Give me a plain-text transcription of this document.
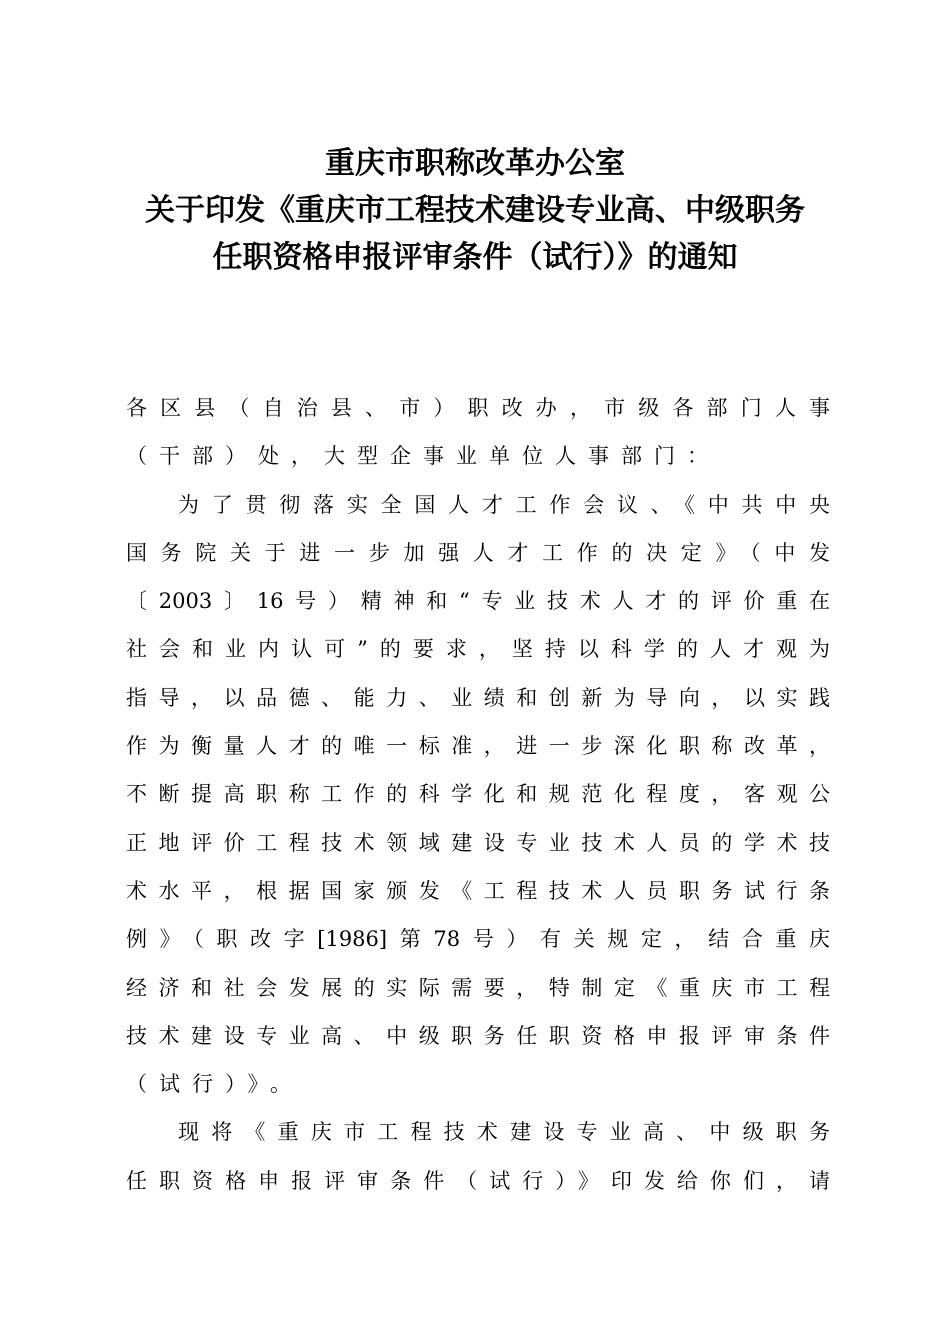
重庆市职称改革办公室
关于印发《重庆市工程技术建设专业高、中级职务
任职资格申报评审条件（试行）》的通知
各区县（自治县、市）职改办，市级各部门人事
（干部）处，大型企事业单位人事部门：
为了贯彻落实全国人才工作会议、《中共中央
国务院关于进一步加强人才工作的决定》（中发
〔2003〕16号）精神和“专业技术人才的评价重在
社会和业内认可”的要求，坚持以科学的人才观为
指导，以品德、能力、业绩和创新为导向，以实践
作为衡量人才的唯一标准，进一步深化职称改革，
不断提高职称工作的科学化和规范化程度，客观公
正地评价工程技术领域建设专业技术人员的学术技
术水平，根据国家颁发《工程技术人员职务试行条
例》（职改字[1986]第78号）有关规定，结合重庆
经济和社会发展的实际需要，特制定《重庆市工程
技术建设专业高、中级职务任职资格申报评审条件
（试行）》。
现将《重庆市工程技术建设专业高、中级职务
任职资格申报评审条件（试行）》印发给你们，请
